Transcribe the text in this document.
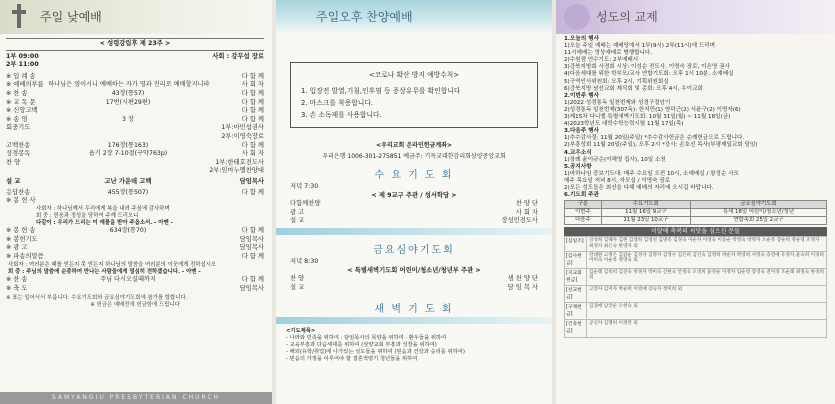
주일 낮예배
< 성령강림후 제 23주 >
1부 09:00	사회 : 강무섭 장로
2부 11:00
※ 입 례 송	다 함 께
※ 예배의부름 하나님은 영이시니 예배하는 자가 영과 진리로 예배할지니라	사 회 자
※ 찬 송	43장(통57)	다 함 께
※ 교 독 문	17번(시편29편)	다 함 께
※ 신앙고백	다 함 께
※ 송 영	3 장	다 함 께
회중기도	1부:마민섭권사
2부:이영숙장로
고백찬송	176장(통163)	다 함 께
성경봉독	욥기 2장 7-10절(구약763p)	사 회 자
찬 양	1부:한태호전도사
2부:임마누엘찬양대
설 교	고난 가운데 고백	담임목사
응답찬송	455장(통507)	다 함 께
※ 봉 헌 사
사회자 : 하나님께서 우리에게 복을 내려 주심에 감사하며
회 중 : 믿음과 정성을 담하여 주께 드리오니
다같이 : 우리가 드리는 이 예물을 받아 주옵소서. - 아멘 -
※ 봉 헌 송	634장(통70)	다 함 께
※ 봉헌기도	담임목사
※ 광 고	담임목사
※ 파송의말씀	다 함 께
사회자 : 여러분은 때를 얻든지 못 얻든지 하나님의 말씀을 여러분의 이웃에게 전하십시오
회 중 : 주님의 말씀에 순종하여 만나는 사람들에게 열심히 전하겠습니다. - 아멘 -
※ 찬 송	주님 다시오실때까지	다 함 께
※ 축 도	담임목사
※ 표는 일어서서 부릅니다. 수요기도회와 금요심야기도회에 참가를 합합니다.
※ 헌금은 예배전에 헌금함에 드립니다
SAMYANGIU PRESBYTERIAN CHURCH
주일오후 찬양예배
<코로나 확산 방지 예방수칙>
1. 입장전 발열,기침,인후염 등 증상유무를 확인합니다
2. 마스크를 착용합니다.
3. 손 소독제를 사용합니다.
<우리교회 온라인헌금계좌>
우리은행 1006-301-275851 예금주: 기독교대한감리회삼양중앙교회
수 요 기 도 회
저녁 7:30
< 제 9교구 주관 / 성서학당 >
다함께찬양	찬 양 단
광 고	사 회 자
설 교	장성민전도사
금요심야기도회
저녁 8:30
< 특별새벽기도회 어린이/청소년/청년부 주관 >
찬 양	샘 찬 양 단
설 교	담 임 목 사
새 벽 기 도 회
<기도제목>
- 나라와 민족을 위하여 · 담임목사의 목양을 위하여 · 환우들을 위하여
- 교육부흥과 다음세대를 위하여 (삼양교회 부흥과 성장을 위하여)
- 해외(유학/취업)에 나가있는 성도들을 위하여 (믿음과 건강과 승리를 위하여)
- 믿음의 가정을 이루어야 할 결혼적령기 청년들을 위하여
성도의 교제
1.오늘의 행사
1)오늘 주일 예배는 예배당에서 1부(9시) 2부(11시)에 드리며
11시예배는 영상예배로 병행합니다.
2)수원샘 연수기도: 2부예배시
3)강북지방회 사경회 시상: 이성순 전도사, 이영숙 장로, 이은영 권사
4)다음세대를 위한 학부모/교사 연합기도회: 오후 1시 10분, 소예배실
5)구역인사위원회: 오후 2시, 기획위원회실
6)강북지방 남선교회 제식회 및 총회: 오후 4시, 우이교회
2.이번주 행사
1)2022 성경통독 일천번제와 성경구절암기
2)성경통독 일천번제(307독): 한지민(1) 염덕근(2) 서윤구(2) 이명자(6)
3)제15차 다니엘 특별새벽기도회: 10월 31일(월) ~ 11월 18일(금)
4)2023학년도 대학수학능력시험 11월 17일(목)
3.다음주 행사
1)추수감사절: 11월 20일(주일) *추수감사헌금은 순례헌금으로 드립니다.
2)부흥성회 11월 20일(주일), 오후 2시 *강사: 손호선 목사(부평제일교회 담임)
4.교우소식
1)장례 윤이규순(이해영 집사), 10일 소천
5.공지사항
1)마하나임 중보기도대: 매주 수요일 오전 10시, 소예배실 / 왕정순 사모
매주 목요일 저녁 8시, 자모실 / 이명숙 장로
2)모든 성도들은 최선을 다해 예배의 자리에 오시길 바랍니다.
6.기도회 주관
구분	수요기도회	금요심야기도회
이번주	11월 16일 9교구	특새 18일 어린이/청소년/청년
다음주	11월 23일 10교구	연합속회 25일 2교구
이달에 축복의 씨앗을 심으신 분들
[십일조]	강성희 김혜자 김현 김영희 김영선 김명옥 김경숙 이순자 이영숙 이동순 박영숙 박정자 오순옥 장순희 정순영 조영자 최경자 최은숙 한영자 외
[감사헌금]
강대원 고정은 김갑순 김경자 김명자 김영수 김은희 김인숙 김정희 박순자 박영희 서정숙 송영애 유정자 윤숙희 이경희 이미숙 이순옥 정영숙 외
[지교회헌금]
김순례 김옥희 김진숙 박경자 박미숙 신현숙 안정숙 오영희 윤정순 이정자 임순영 장영숙 전미경 조순례 최정숙 한경희 외
[선교헌금]
고영자 김미자 박순희 이영애 장숙자 정미희 외
[구제헌금]
김경애 남궁순 오현숙 외
[건축헌금]
공신자 김명희 이정란 외
